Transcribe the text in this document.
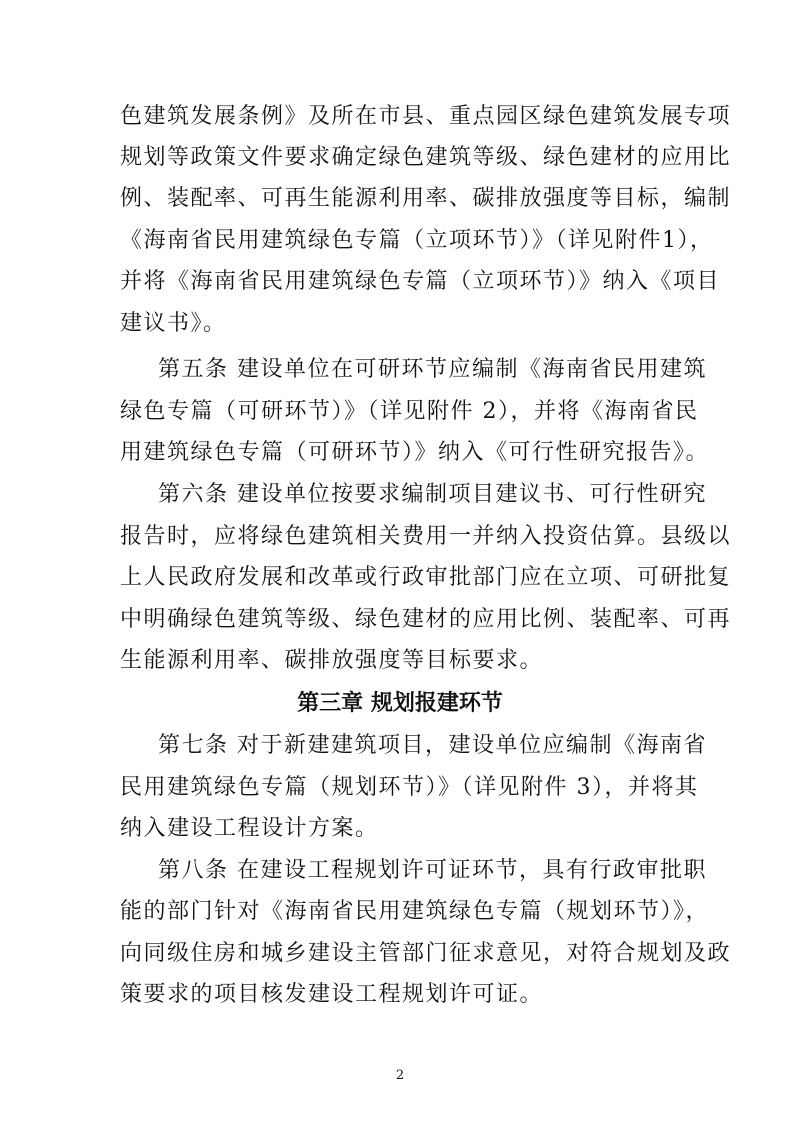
色建筑发展条例》及所在市县、重点园区绿色建筑发展专项
规划等政策文件要求确定绿色建筑等级、绿色建材的应用比
例、装配率、可再生能源利用率、碳排放强度等目标，编制
《海南省民用建筑绿色专篇（立项环节）》（详见附件1），
并将《海南省民用建筑绿色专篇（立项环节）》纳入《项目
建议书》。
第五条 建设单位在可研环节应编制《海南省民用建筑
绿色专篇（可研环节）》（详见附件 2），并将《海南省民
用建筑绿色专篇（可研环节）》纳入《可行性研究报告》。
第六条 建设单位按要求编制项目建议书、可行性研究
报告时，应将绿色建筑相关费用一并纳入投资估算。县级以
上人民政府发展和改革或行政审批部门应在立项、可研批复
中明确绿色建筑等级、绿色建材的应用比例、装配率、可再
生能源利用率、碳排放强度等目标要求。
第三章 规划报建环节
第七条 对于新建建筑项目，建设单位应编制《海南省
民用建筑绿色专篇（规划环节）》（详见附件 3），并将其
纳入建设工程设计方案。
第八条 在建设工程规划许可证环节，具有行政审批职
能的部门针对《海南省民用建筑绿色专篇（规划环节）》，
向同级住房和城乡建设主管部门征求意见，对符合规划及政
策要求的项目核发建设工程规划许可证。
2
